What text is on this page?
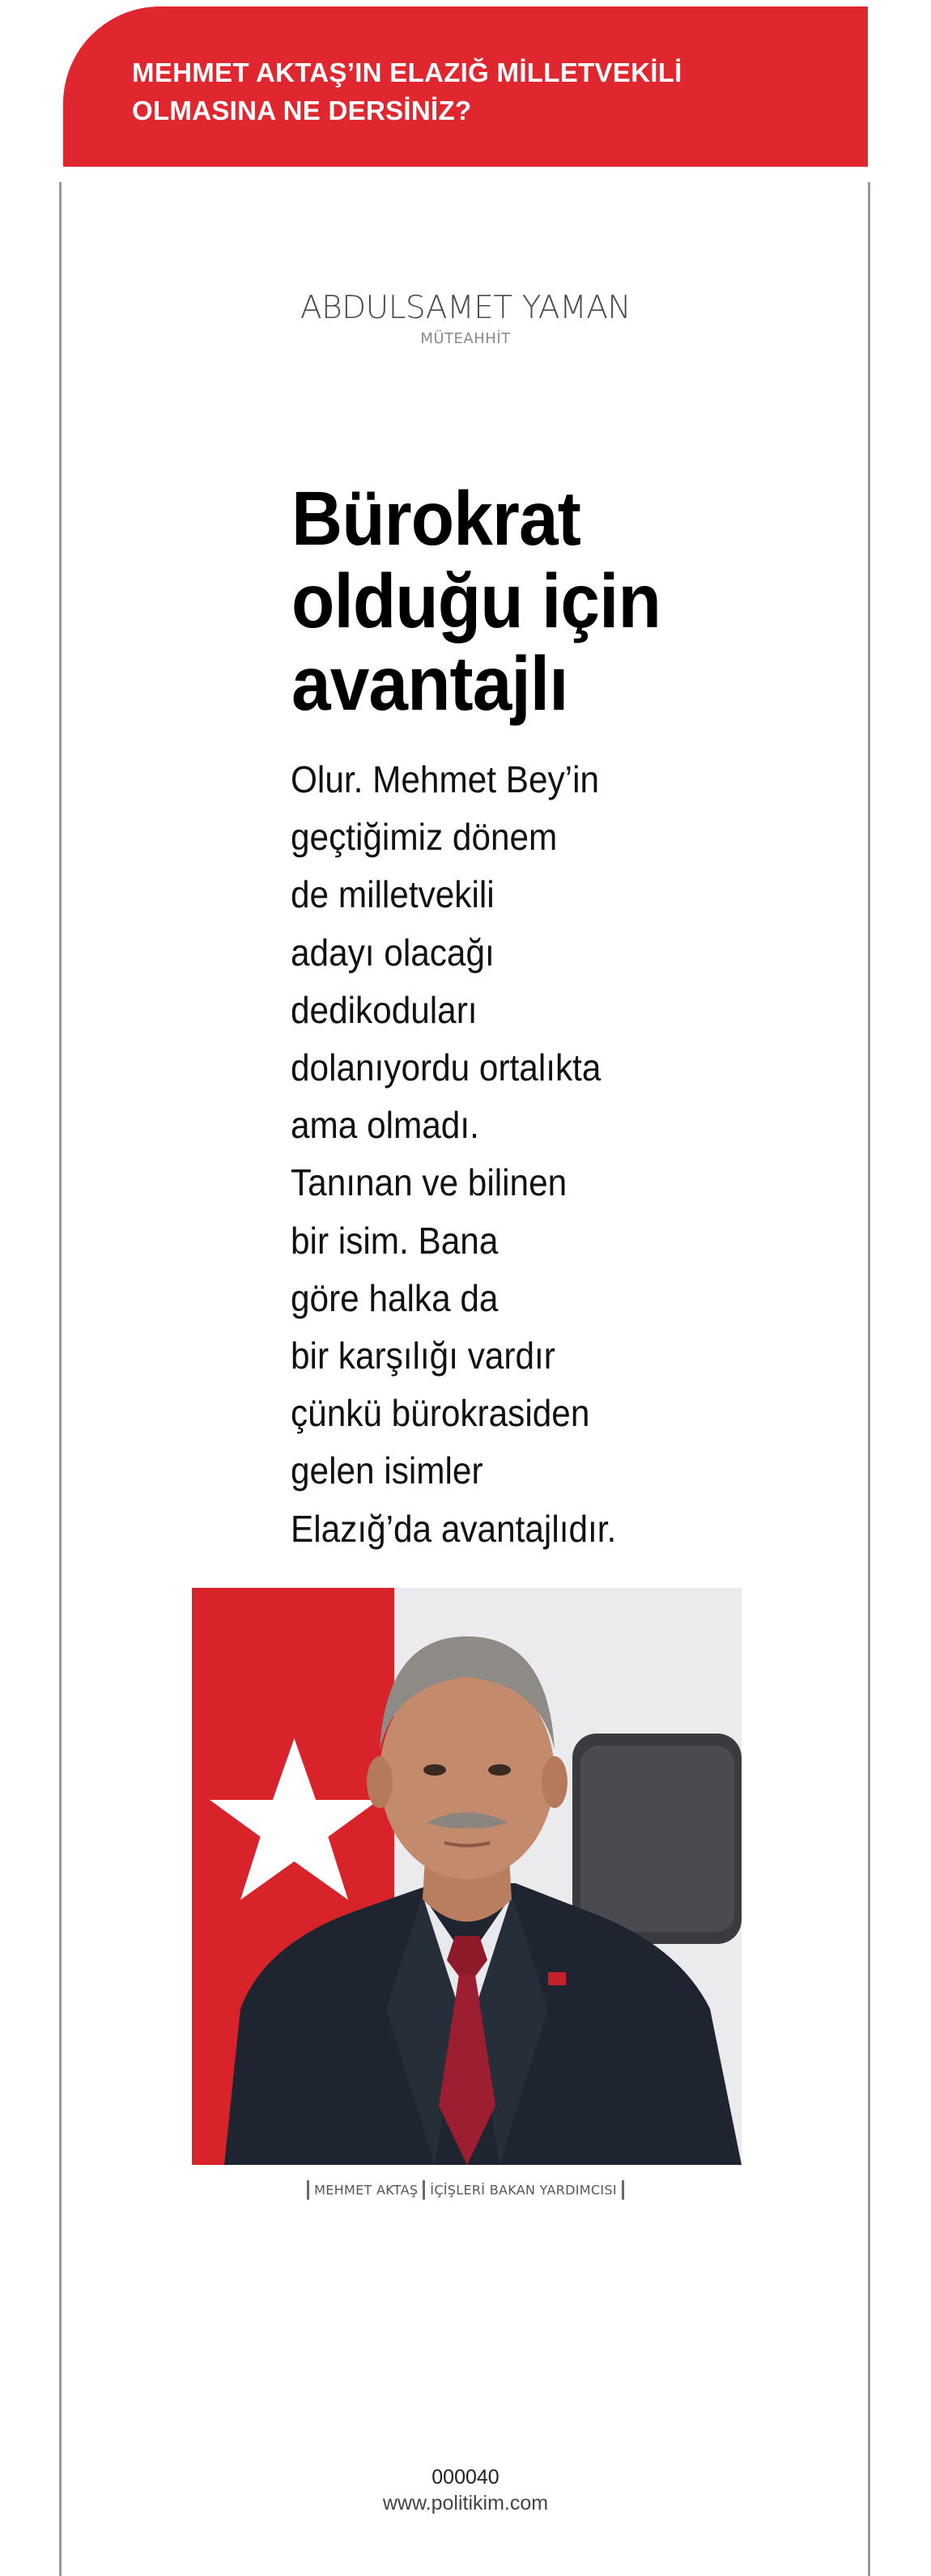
MEHMET AKTAŞ’IN ELAZIĞ MİLLETVEKİLİ OLMASINA NE DERSİNİZ?

ABDULSAMET YAMAN
MÜTEAHHİT
Bürokrat olduğu için avantajlı

Olur. Mehmet Bey’in
geçtiğimiz dönem
de milletvekili
adayı olacağı
dedikoduları
dolanıyordu ortalıkta
ama olmadı.
Tanınan ve bilinen
bir isim. Bana
göre halka da
bir karşılığı vardır
çünkü bürokrasiden
gelen isimler
Elazığ’da avantajlıdır.

MEHMET AKTAŞ İÇİŞLERİ BAKAN YARDIMCISI
000040
www.politikim.com
